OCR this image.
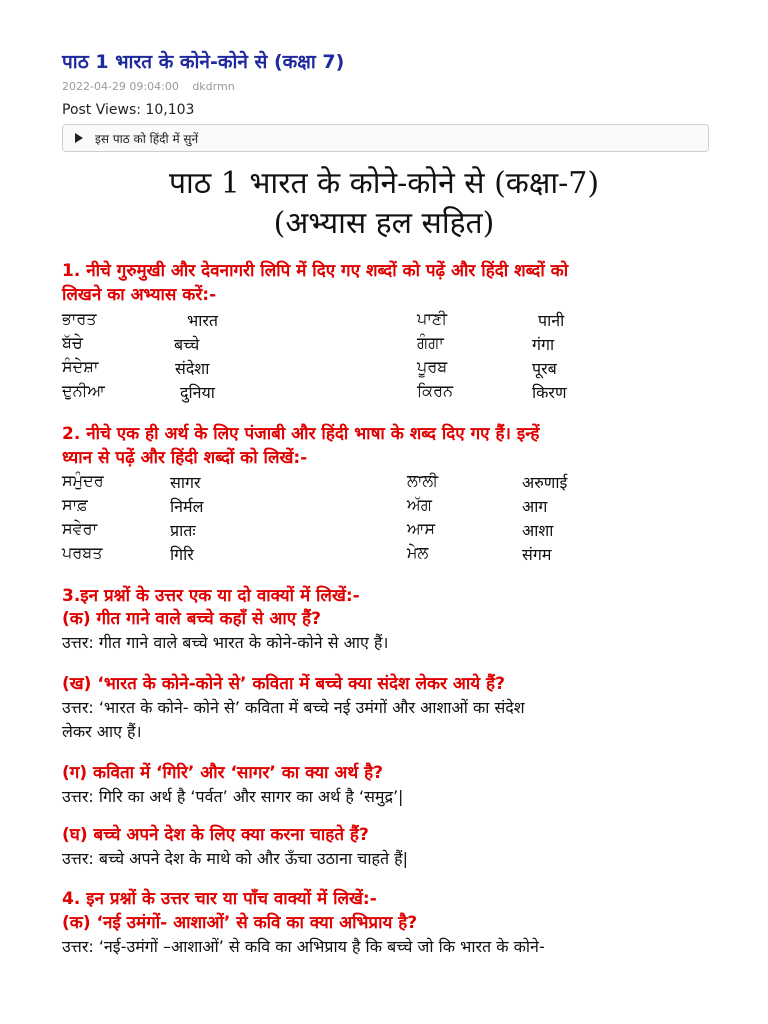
पाठ 1 भारत के कोने-कोने से (कक्षा 7)
2022-04-29 09:04:00 dkdrmn
Post Views: 10,103
इस पाठ को हिंदी में सुनें
पाठ 1 भारत के कोने-कोने से (कक्षा-7)
(अभ्यास हल सहित)
1. नीचे गुरुमुखी और देवनागरी लिपि में दिए गए शब्दों को पढ़ें और हिंदी शब्दों को
लिखने का अभ्यास करें:-
ਭਾਰਤ	भारत	ਪਾਣੀ	पानी
ਬੱਚੇ	बच्चे	ਗੰਗਾ	गंगा
ਸੰਦੇਸ਼ਾ	संदेशा	ਪੂਰਬ	पूरब
ਦੁਨੀਆ	दुनिया	ਕਿਰਨ	किरण
2. नीचे एक ही अर्थ के लिए पंजाबी और हिंदी भाषा के शब्द दिए गए हैं। इन्हें
ध्यान से पढ़ें और हिंदी शब्दों को लिखें:-
ਸਮੁੰਦਰ	सागर	ਲਾਲੀ	अरुणाई
ਸਾਫ਼	निर्मल	ਅੱਗ	आग
ਸਵੇਰਾ	प्रातः	ਆਸ	आशा
ਪਰਬਤ	गिरि	ਮੇਲ	संगम
3.इन प्रश्नों के उत्तर एक या दो वाक्यों में लिखें:-
(क) गीत गाने वाले बच्चे कहाँ से आए हैं?
उत्तर: गीत गाने वाले बच्चे भारत के कोने-कोने से आए हैं।
(ख) ‘भारत के कोने-कोने से’ कविता में बच्चे क्या संदेश लेकर आये हैं?
उत्तर: ‘भारत के कोने- कोने से’ कविता में बच्चे नई उमंगों और आशाओं का संदेश
लेकर आए हैं।
(ग) कविता में ‘गिरि’ और ‘सागर’ का क्या अर्थ है?
उत्तर: गिरि का अर्थ है ‘पर्वत’ और सागर का अर्थ है ‘समुद्र’|
(घ) बच्चे अपने देश के लिए क्या करना चाहते हैं?
उत्तर: बच्चे अपने देश के माथे को और ऊँचा उठाना चाहते हैं|
4. इन प्रश्नों के उत्तर चार या पाँच वाक्यों में लिखें:-
(क) ‘नई उमंगों- आशाओं’ से कवि का क्या अभिप्राय है?
उत्तर: ‘नई-उमंगों –आशाओं’ से कवि का अभिप्राय है कि बच्चे जो कि भारत के कोने-
